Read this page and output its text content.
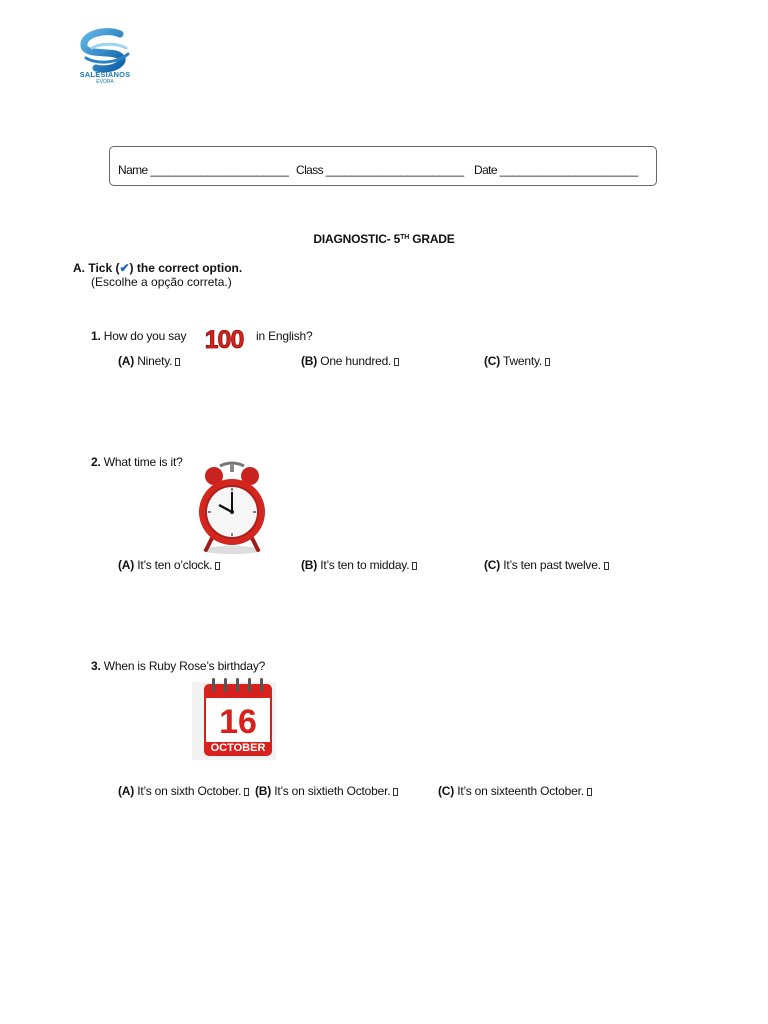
SALESIANOS
ÉVORA
Name ______________________ Class ______________________ Date ______________________
DIAGNOSTIC- 5TH GRADE
A. Tick (✔) the correct option.
(Escolhe a opção correta.)
1. How do you say 100 in English?
(A) Ninety.	(B) One hundred.	(C) Twenty.
2. What time is it?
(A) It’s ten o’clock.	(B) It’s ten to midday.	(C) It’s ten past twelve.
3. When is Ruby Rose’s birthday?
16
OCTOBER
(A) It’s on sixth October.	(B) It’s on sixtieth October.	(C) It’s on sixteenth October.
